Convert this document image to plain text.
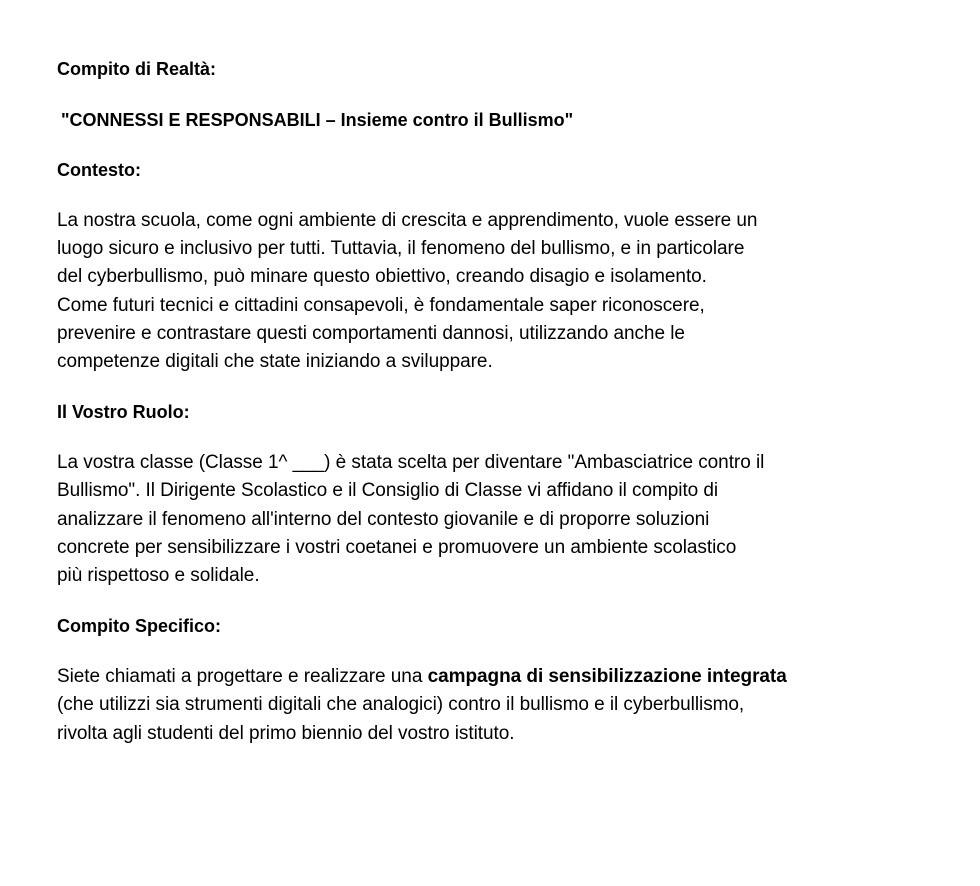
Compito di Realtà:

"CONNESSI E RESPONSABILI – Insieme contro il Bullismo"

Contesto:

La nostra scuola, come ogni ambiente di crescita e apprendimento, vuole essere un
luogo sicuro e inclusivo per tutti. Tuttavia, il fenomeno del bullismo, e in particolare
del cyberbullismo, può minare questo obiettivo, creando disagio e isolamento.
Come futuri tecnici e cittadini consapevoli, è fondamentale saper riconoscere,
prevenire e contrastare questi comportamenti dannosi, utilizzando anche le
competenze digitali che state iniziando a sviluppare.

Il Vostro Ruolo:

La vostra classe (Classe 1^ ___) è stata scelta per diventare "Ambasciatrice contro il
Bullismo". Il Dirigente Scolastico e il Consiglio di Classe vi affidano il compito di
analizzare il fenomeno all'interno del contesto giovanile e di proporre soluzioni
concrete per sensibilizzare i vostri coetanei e promuovere un ambiente scolastico
più rispettoso e solidale.

Compito Specifico:

Siete chiamati a progettare e realizzare una campagna di sensibilizzazione integrata
(che utilizzi sia strumenti digitali che analogici) contro il bullismo e il cyberbullismo,
rivolta agli studenti del primo biennio del vostro istituto.
